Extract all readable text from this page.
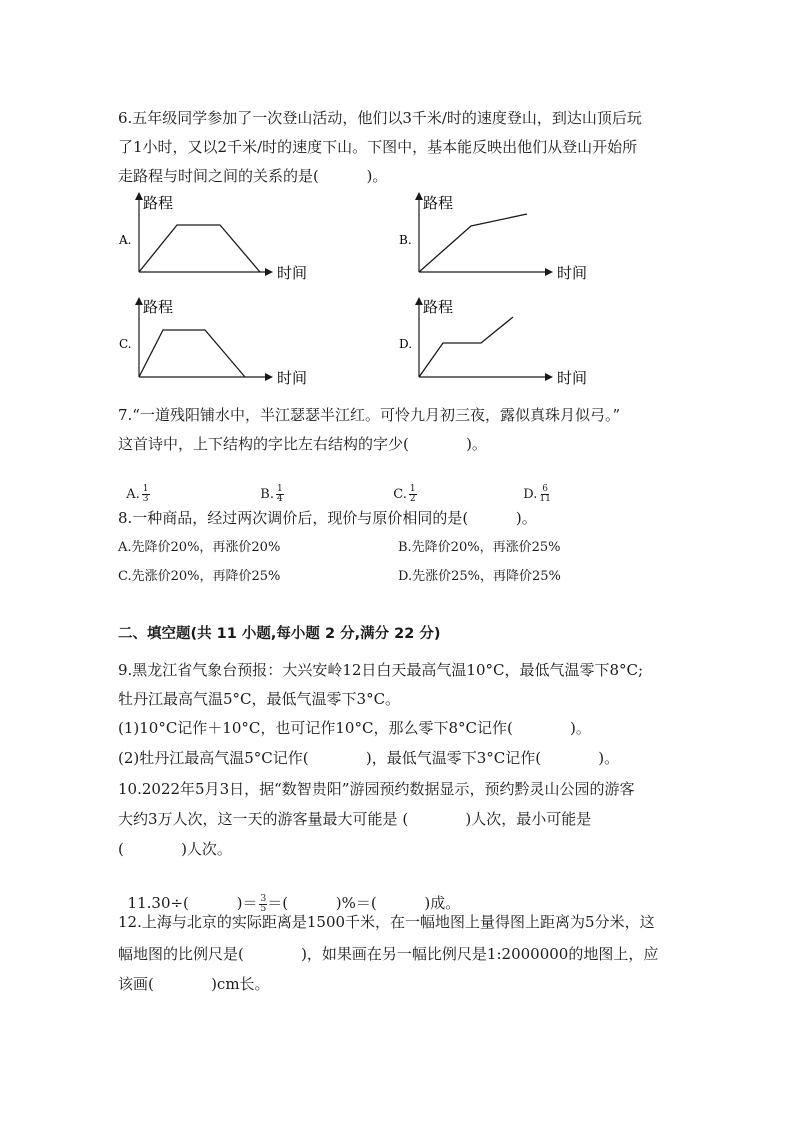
6.五年级同学参加了一次登山活动，他们以3千米/时的速度登山，到达山顶后玩
了1小时，又以2千米/时的速度下山。下图中，基本能反映出他们从登山开始所
走路程与时间之间的关系的是(          )。
A.
路程
时间
B.
路程
时间
C.
路程
时间
D.
路程
时间
7.“一道残阳铺水中，半江瑟瑟半江红。可怜九月初三夜，露似真珠月似弓。”
这首诗中，上下结构的字比左右结构的字少(            )。

A. $\frac{1}{3}$	B. $\frac{1}{4}$	C. $\frac{1}{2}$	D. $\frac{6}{11}$

8.一种商品，经过两次调价后，现价与原价相同的是(          )。
A.先降价20%，再涨价20%	B.先降价20%，再涨价25%
C.先涨价20%，再降价25%	D.先涨价25%，再降价25%
二、填空题(共 11 小题,每小题 2 分,满分 22 分)
9.黑龙江省气象台预报：大兴安岭12日白天最高气温10°C，最低气温零下8°C;
牡丹江最高气温5°C，最低气温零下3°C。
(1)10°C记作＋10°C，也可记作10°C，那么零下8°C记作(            )。
(2)牡丹江最高气温5°C记作(            )，最低气温零下3°C记作(            )。
10.2022年5月3日，据“数智贵阳”游园预约数据显示，预约黔灵山公园的游客
大约3万人次，这一天的游客量最大可能是 (            )人次，最小可能是
(            )人次。

11.30÷(          )＝ $\frac{3}{5}$ ＝(          )%＝(          )成。

12.上海与北京的实际距离是1500千米，在一幅地图上量得图上距离为5分米，这
幅地图的比例尺是(            )，如果画在另一幅比例尺是1:2000000的地图上，应
该画(            )cm长。
